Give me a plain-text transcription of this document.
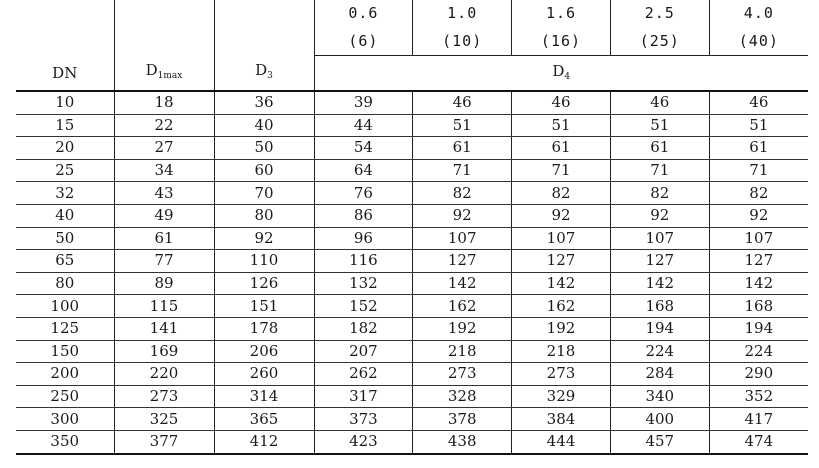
DN	$D_{1max}$	$D_3$	0.6	1.0	1.6	2.5	4.0
			(6)	(10)	(16)	(25)	(40)
			$D_4$
10	18	36	39	46	46	46	46
15	22	40	44	51	51	51	51
20	27	50	54	61	61	61	61
25	34	60	64	71	71	71	71
32	43	70	76	82	82	82	82
40	49	80	86	92	92	92	92
50	61	92	96	107	107	107	107
65	77	110	116	127	127	127	127
80	89	126	132	142	142	142	142
100	115	151	152	162	162	168	168
125	141	178	182	192	192	194	194
150	169	206	207	218	218	224	224
200	220	260	262	273	273	284	290
250	273	314	317	328	329	340	352
300	325	365	373	378	384	400	417
350	377	412	423	438	444	457	474
